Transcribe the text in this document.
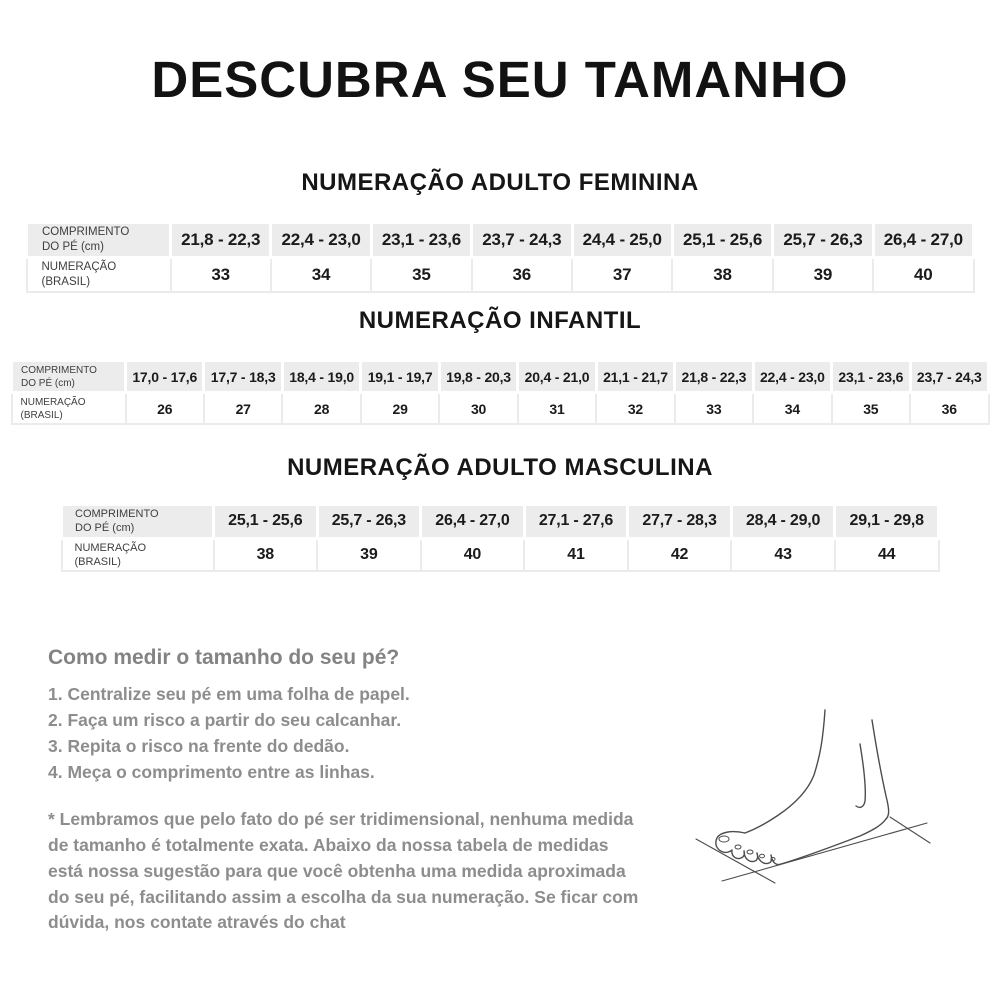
DESCUBRA SEU TAMANHO
NUMERAÇÃO ADULTO FEMININA
COMPRIMENTO
DO PÉ (cm)	21,8 - 22,3	22,4 - 23,0	23,1 - 23,6	23,7 - 24,3	24,4 - 25,0	25,1 - 25,6	25,7 - 26,3	26,4 - 27,0
NUMERAÇÃO
(BRASIL)	33	34	35	36	37	38	39	40
NUMERAÇÃO INFANTIL
COMPRIMENTO
DO PÉ (cm)	17,0 - 17,6	17,7 - 18,3	18,4 - 19,0	19,1 - 19,7	19,8 - 20,3	20,4 - 21,0	21,1 - 21,7	21,8 - 22,3	22,4 - 23,0	23,1 - 23,6	23,7 - 24,3
NUMERAÇÃO
(BRASIL)	26	27	28	29	30	31	32	33	34	35	36
NUMERAÇÃO ADULTO MASCULINA
COMPRIMENTO
DO PÉ (cm)	25,1 - 25,6	25,7 - 26,3	26,4 - 27,0	27,1 - 27,6	27,7 - 28,3	28,4 - 29,0	29,1 - 29,8
NUMERAÇÃO
(BRASIL)	38	39	40	41	42	43	44
Como medir o tamanho do seu pé?

1. Centralize seu pé em uma folha de papel.

2. Faça um risco a partir do seu calcanhar.

3. Repita o risco na frente do dedão.

4. Meça o comprimento entre as linhas.

* Lembramos que pelo fato do pé ser tridimensional, nenhuma medida de tamanho é totalmente exata. Abaixo da nossa tabela de medidas está nossa sugestão para que você obtenha uma medida aproximada do seu pé, facilitando assim a escolha da sua numeração. Se ficar com dúvida, nos contate através do chat
